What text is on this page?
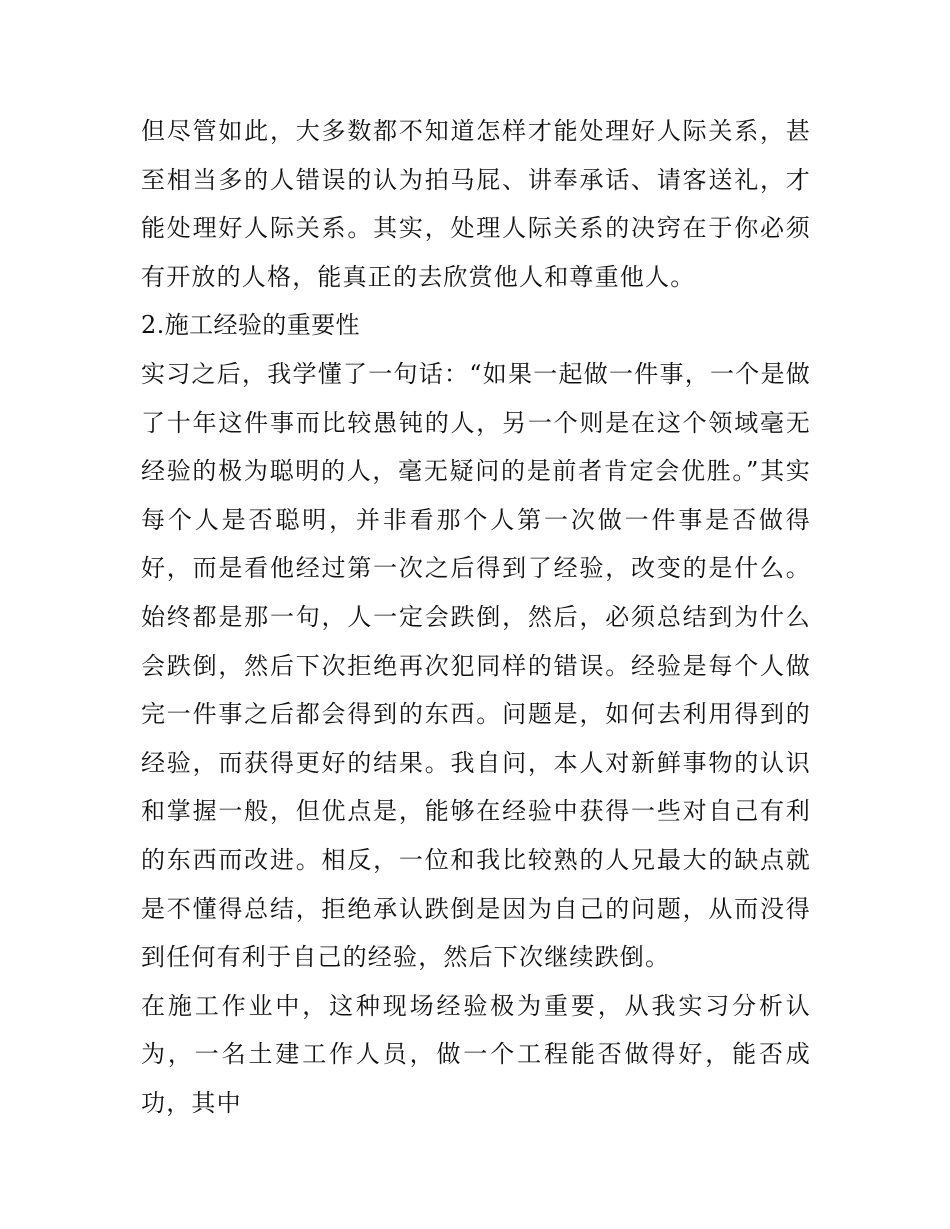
但尽管如此，大多数都不知道怎样才能处理好人际关系，甚至相当多的人错误的认为拍马屁、讲奉承话、请客送礼，才能处理好人际关系。其实，处理人际关系的决窍在于你必须有开放的人格，能真正的去欣赏他人和尊重他人。

2.施工经验的重要性

实习之后，我学懂了一句话：“如果一起做一件事，一个是做了十年这件事而比较愚钝的人，另一个则是在这个领域毫无经验的极为聪明的人，毫无疑问的是前者肯定会优胜。”其实每个人是否聪明，并非看那个人第一次做一件事是否做得好，而是看他经过第一次之后得到了经验，改变的是什么。始终都是那一句，人一定会跌倒，然后，必须总结到为什么会跌倒，然后下次拒绝再次犯同样的错误。经验是每个人做完一件事之后都会得到的东西。问题是，如何去利用得到的经验，而获得更好的结果。我自问，本人对新鲜事物的认识和掌握一般，但优点是，能够在经验中获得一些对自己有利的东西而改进。相反，一位和我比较熟的人兄最大的缺点就是不懂得总结，拒绝承认跌倒是因为自己的问题，从而没得到任何有利于自己的经验，然后下次继续跌倒。

在施工作业中，这种现场经验极为重要，从我实习分析认为，一名土建工作人员，做一个工程能否做得好，能否成功，其中
